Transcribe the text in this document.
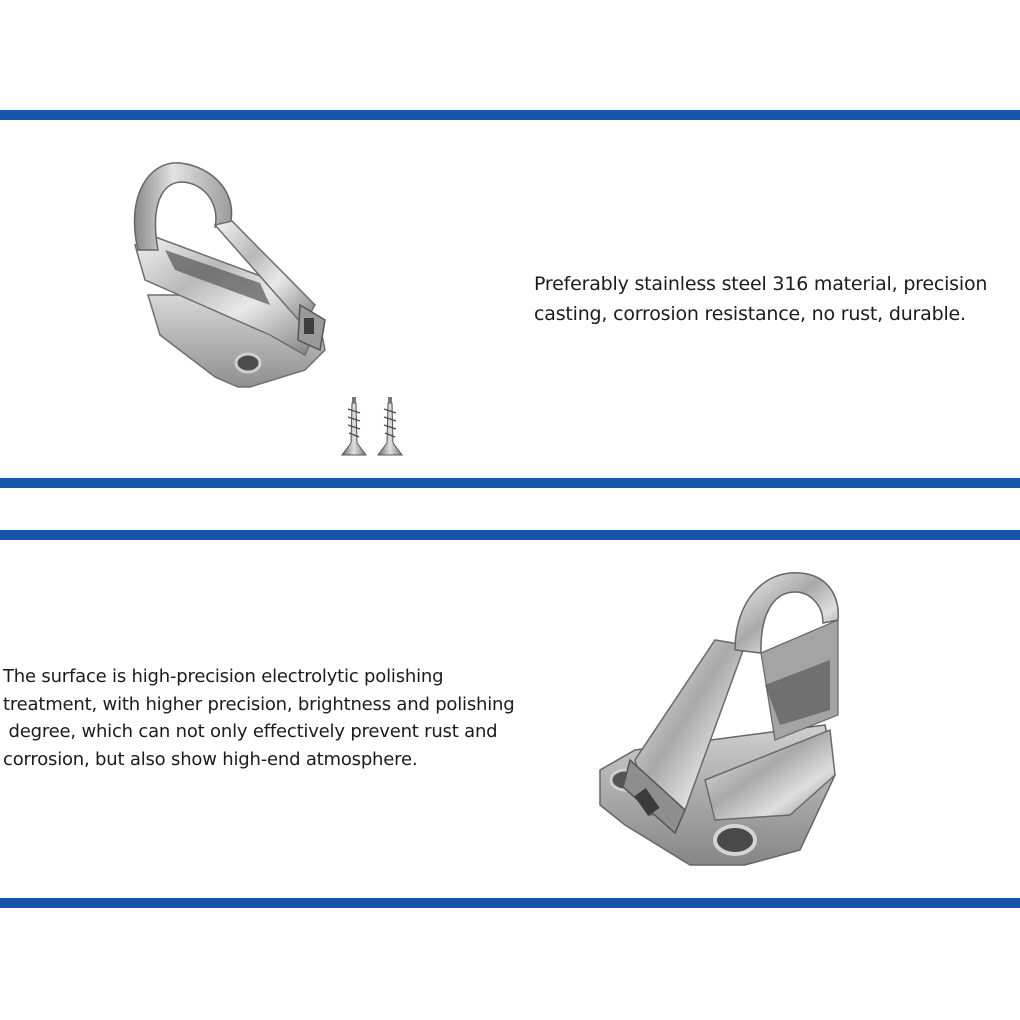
Preferably stainless steel 316 material, precision
casting, corrosion resistance, no rust, durable.
The surface is high-precision electrolytic polishing
treatment, with higher precision, brightness and polishing
degree, which can not only effectively prevent rust and
corrosion, but also show high-end atmosphere.
